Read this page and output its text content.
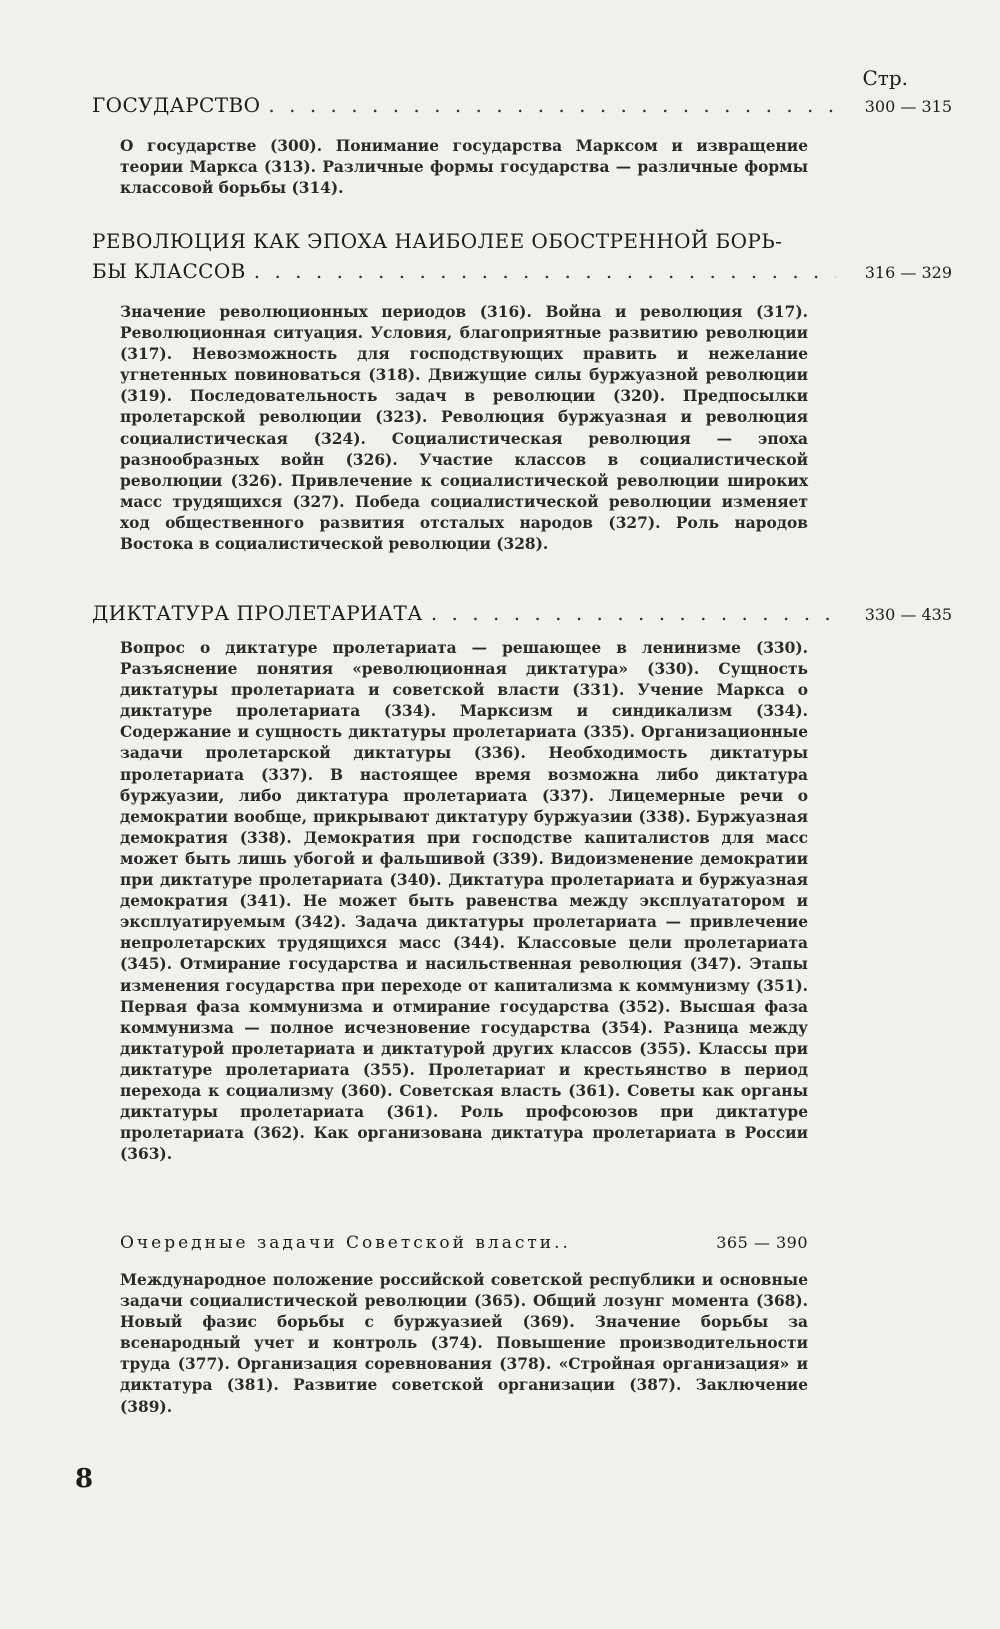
Стр.
ГОСУДАРСТВО . . .	300 — 315
О государстве (300). Понимание государства Марксом и извращение теории Маркса (313). Различные формы государства — различные формы классовой борьбы (314).
РЕВОЛЮЦИЯ КАК ЭПОХА НАИБОЛЕЕ ОБОСТРЕННОЙ БОРЬ-
БЫ КЛАССОВ . . .	316 — 329
Значение революционных периодов (316). Война и революция (317). Революционная ситуация. Условия, благоприятные развитию революции (317). Невозможность для господствующих править и нежелание угнетенных повиноваться (318). Движущие силы буржуазной революции (319). Последовательность задач в революции (320). Предпосылки пролетарской революции (323). Революция буржуазная и революция социалистическая (324). Социалистическая революция — эпоха разнообразных войн (326). Участие классов в социалистической революции (326). Привлечение к социалистической революции широких масс трудящихся (327). Победа социалистической революции изменяет ход общественного развития отсталых народов (327). Роль народов Востока в социалистической революции (328).
ДИКТАТУРА ПРОЛЕТАРИАТА . . .	330 — 435
Вопрос о диктатуре пролетариата — решающее в ленинизме (330). Разъяснение понятия «революционная диктатура» (330). Сущность диктатуры пролетариата и советской власти (331). Учение Маркса о диктатуре пролетариата (334). Марксизм и синдикализм (334). Содержание и сущность диктатуры пролетариата (335). Организационные задачи пролетарской диктатуры (336). Необходимость диктатуры пролетариата (337). В настоящее время возможна либо диктатура буржуазии, либо диктатура пролетариата (337). Лицемерные речи о демократии вообще, прикрывают диктатуру буржуазии (338). Буржуазная демократия (338). Демократия при господстве капиталистов для масс может быть лишь убогой и фальшивой (339). Видоизменение демократии при диктатуре пролетариата (340). Диктатура пролетариата и буржуазная демократия (341). Не может быть равенства между эксплуататором и эксплуатируемым (342). Задача диктатуры пролетариата — привлечение непролетарских трудящихся масс (344). Классовые цели пролетариата (345). Отмирание государства и насильственная революция (347). Этапы изменения государства при переходе от капитализма к коммунизму (351). Первая фаза коммунизма и отмирание государства (352). Высшая фаза коммунизма — полное исчезновение государства (354). Разница между диктатурой пролетариата и диктатурой других классов (355). Классы при диктатуре пролетариата (355). Пролетариат и крестьянство в период перехода к социализму (360). Советская власть (361). Советы как органы диктатуры пролетариата (361). Роль профсоюзов при диктатуре пролетариата (362). Как организована диктатура пролетариата в России (363).
Очередные задачи Советской власти..	365 — 390
Международное положение российской советской республики и основные задачи социалистической революции (365). Общий лозунг момента (368). Новый фазис борьбы с буржуазией (369). Значение борьбы за всенародный учет и контроль (374). Повышение производительности труда (377). Организация соревнования (378). «Стройная организация» и диктатура (381). Развитие советской организации (387). Заключение (389).
8
